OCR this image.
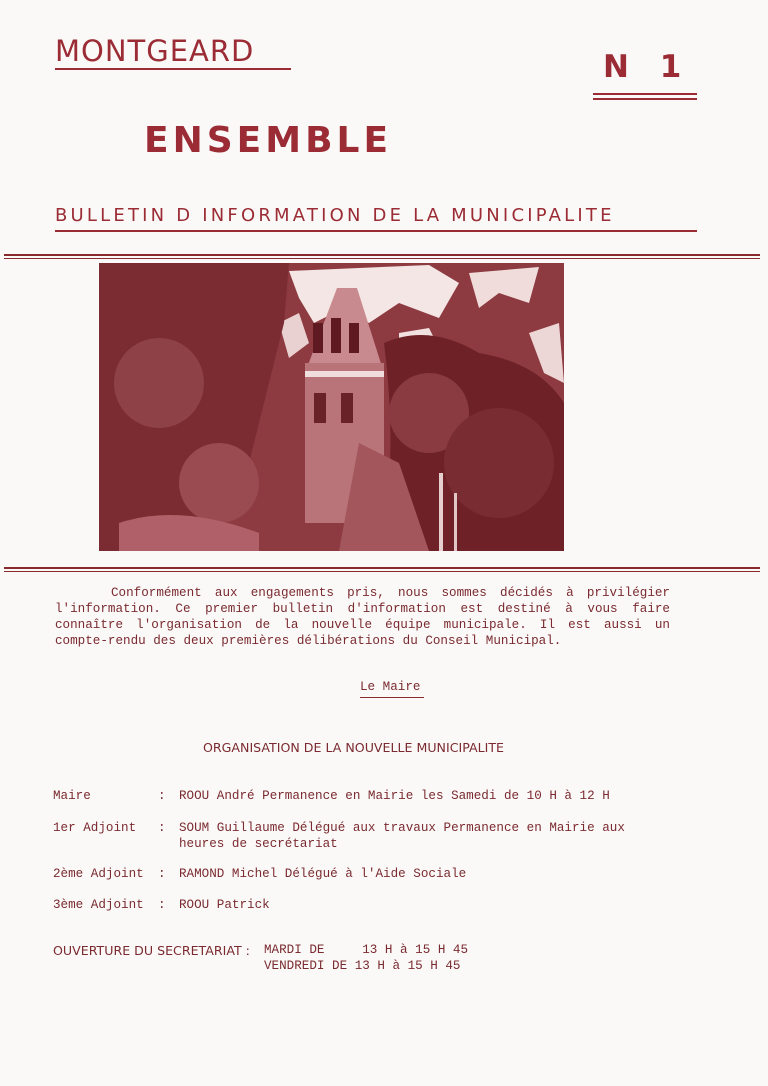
MONTGEARD	N 1
ENSEMBLE
BULLETIN D INFORMATION DE LA MUNICIPALITE

Conformément aux engagements pris, nous sommes décidés à privilégier l'information. Ce premier bulletin d'information est destiné à vous faire connaître l'organisation de la nouvelle équipe municipale. Il est aussi un compte-rendu des deux premières délibérations du Conseil Municipal.

Le Maire
ORGANISATION DE LA NOUVELLE MUNICIPALITE
Maire	: ROOU André Permanence en Mairie les Samedi de 10 H à 12 H
1er Adjoint	: SOUM Guillaume Délégué aux travaux Permanence en Mairie aux heures de secrétariat
2ème Adjoint	: RAMOND Michel Délégué à l'Aide Sociale
3ème Adjoint	: ROOU Patrick
OUVERTURE DU SECRETARIAT : MARDI DE     13 H à 15 H 45
VENDREDI DE 13 H à 15 H 45
